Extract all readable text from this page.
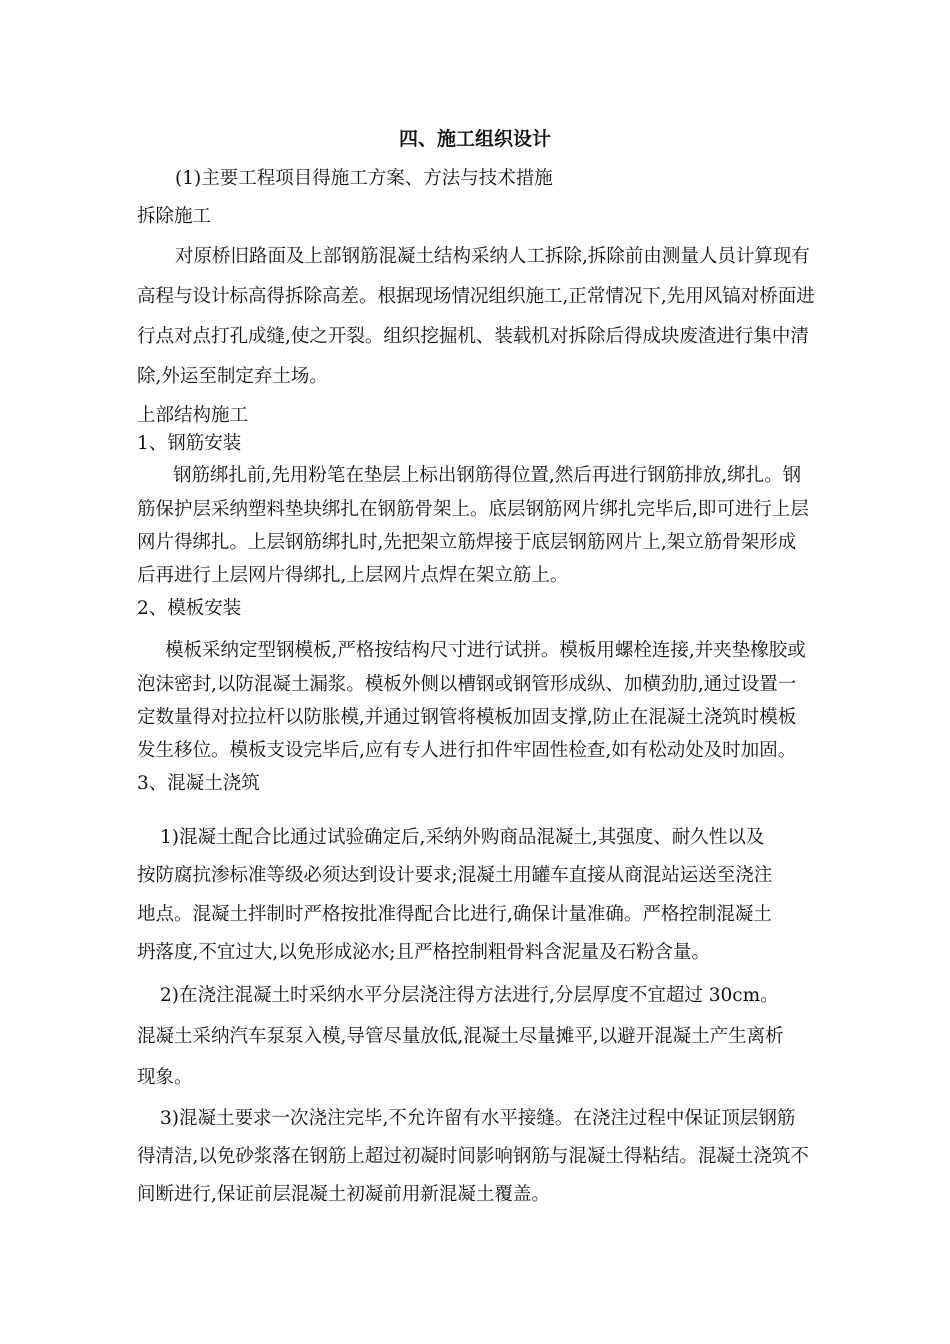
四、施工组织设计
(1)主要工程项目得施工方案、方法与技术措施
拆除施工
对原桥旧路面及上部钢筋混凝土结构采纳人工拆除,拆除前由测量人员计算现有
高程与设计标高得拆除高差。根据现场情况组织施工,正常情况下,先用风镐对桥面进
行点对点打孔成缝,使之开裂。组织挖掘机、装载机对拆除后得成块废渣进行集中清
除,外运至制定弃土场。
上部结构施工
1、钢筋安装
钢筋绑扎前,先用粉笔在垫层上标出钢筋得位置,然后再进行钢筋排放,绑扎。钢
筋保护层采纳塑料垫块绑扎在钢筋骨架上。底层钢筋网片绑扎完毕后,即可进行上层
网片得绑扎。上层钢筋绑扎时,先把架立筋焊接于底层钢筋网片上,架立筋骨架形成
后再进行上层网片得绑扎,上层网片点焊在架立筋上。
2、模板安装
模板采纳定型钢模板,严格按结构尺寸进行试拼。模板用螺栓连接,并夹垫橡胶或
泡沫密封,以防混凝土漏浆。模板外侧以槽钢或钢管形成纵、加横劲肋,通过设置一
定数量得对拉拉杆以防胀模,并通过钢管将模板加固支撑,防止在混凝土浇筑时模板
发生移位。模板支设完毕后,应有专人进行扣件牢固性检查,如有松动处及时加固。
3、混凝土浇筑
1)混凝土配合比通过试验确定后,采纳外购商品混凝土,其强度、耐久性以及
按防腐抗渗标准等级必须达到设计要求;混凝土用罐车直接从商混站运送至浇注
地点。混凝土拌制时严格按批准得配合比进行,确保计量准确。严格控制混凝土
坍落度,不宜过大,以免形成泌水;且严格控制粗骨料含泥量及石粉含量。
2)在浇注混凝土时采纳水平分层浇注得方法进行,分层厚度不宜超过 30cm。
混凝土采纳汽车泵泵入模,导管尽量放低,混凝土尽量摊平,以避开混凝土产生离析
现象。
3)混凝土要求一次浇注完毕,不允许留有水平接缝。在浇注过程中保证顶层钢筋
得清洁,以免砂浆落在钢筋上超过初凝时间影响钢筋与混凝土得粘结。混凝土浇筑不
间断进行,保证前层混凝土初凝前用新混凝土覆盖。
